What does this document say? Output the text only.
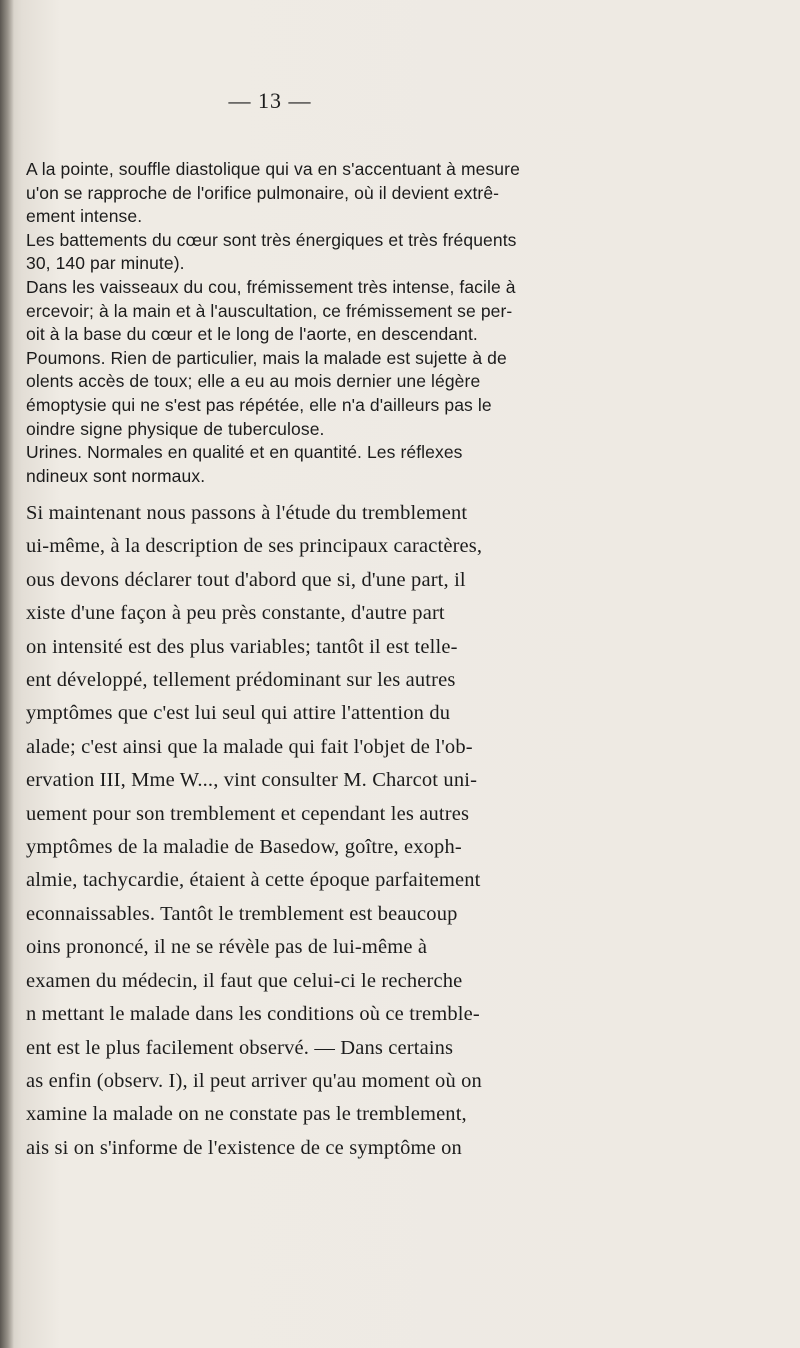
— 13 —
A la pointe, souffle diastolique qui va en s'accentuant à mesure
u'on se rapproche de l'orifice pulmonaire, où il devient extrê-
ement intense.
Les battements du cœur sont très énergiques et très fréquents
30, 140 par minute).
Dans les vaisseaux du cou, frémissement très intense, facile à
ercevoir; à la main et à l'auscultation, ce frémissement se per-
oit à la base du cœur et le long de l'aorte, en descendant.
Poumons. Rien de particulier, mais la malade est sujette à de
olents accès de toux; elle a eu au mois dernier une légère
émoptysie qui ne s'est pas répétée, elle n'a d'ailleurs pas le
oindre signe physique de tuberculose.
Urines. Normales en qualité et en quantité. Les réflexes
ndineux sont normaux.
Si maintenant nous passons à l'étude du tremblement
ui-même, à la description de ses principaux caractères,
ous devons déclarer tout d'abord que si, d'une part, il
xiste d'une façon à peu près constante, d'autre part
on intensité est des plus variables; tantôt il est telle-
ent développé, tellement prédominant sur les autres
ymptômes que c'est lui seul qui attire l'attention du
alade; c'est ainsi que la malade qui fait l'objet de l'ob-
ervation III, Mme W..., vint consulter M. Charcot uni-
uement pour son tremblement et cependant les autres
ymptômes de la maladie de Basedow, goître, exoph-
almie, tachycardie, étaient à cette époque parfaitement
econnaissables. Tantôt le tremblement est beaucoup
oins prononcé, il ne se révèle pas de lui-même à
examen du médecin, il faut que celui-ci le recherche
n mettant le malade dans les conditions où ce tremble-
ent est le plus facilement observé. — Dans certains
as enfin (observ. I), il peut arriver qu'au moment où on
xamine la malade on ne constate pas le tremblement,
ais si on s'informe de l'existence de ce symptôme on
